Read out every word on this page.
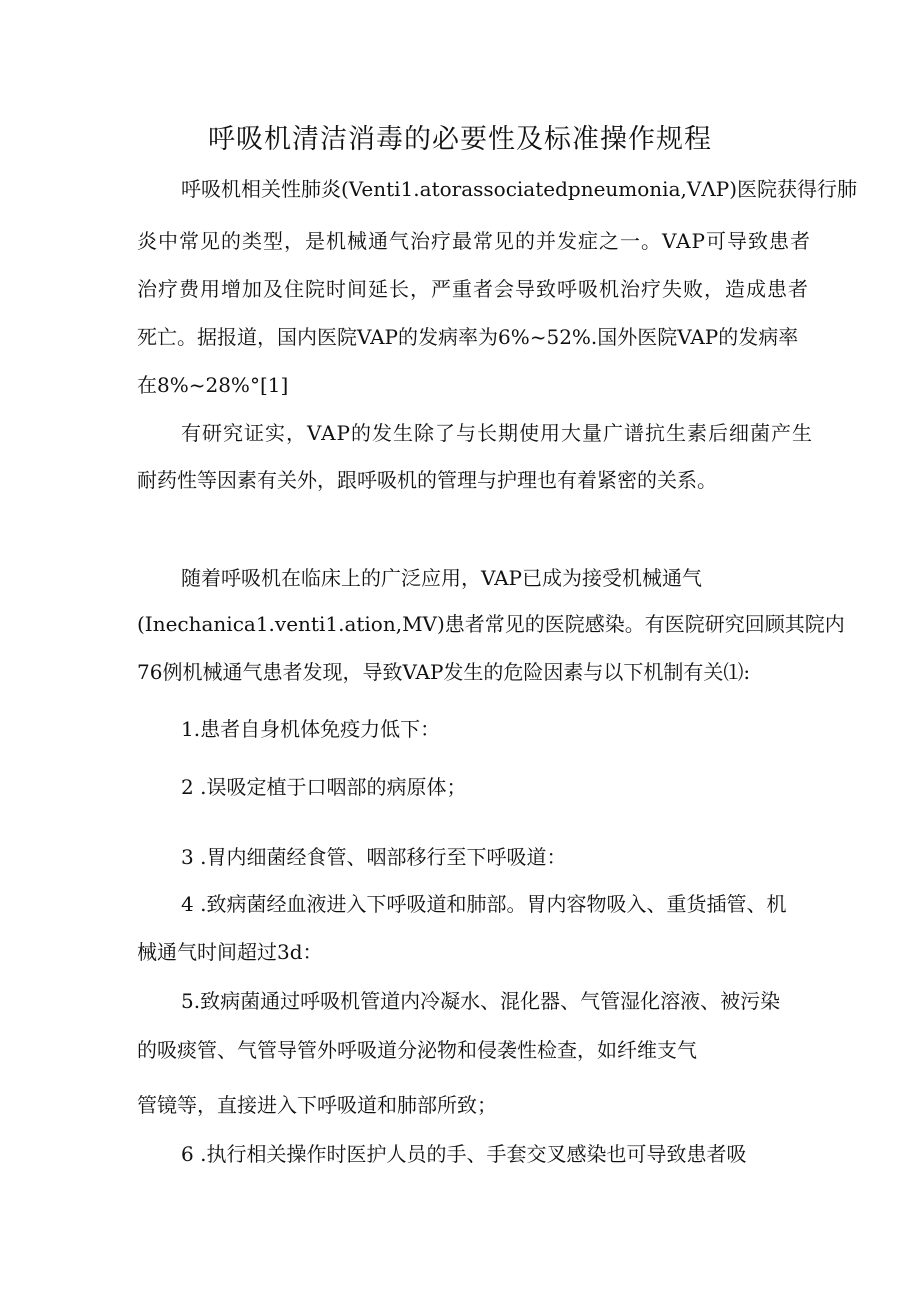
呼吸机清洁消毒的必要性及标准操作规程
呼吸机相关性肺炎(Venti1.atorassociatedpneumonia,VΛP)医院获得行肺
炎中常见的类型，是机械通气治疗最常见的并发症之一。VAP可导致患者
治疗费用增加及住院时间延长，严重者会导致呼吸机治疗失败，造成患者
死亡。据报道，国内医院VAP的发病率为6%~52%.国外医院VAP的发病率
在8%~28%°[1]
有研究证实，VAP的发生除了与长期使用大量广谱抗生素后细菌产生
耐药性等因素有关外，跟呼吸机的管理与护理也有着紧密的关系。
随着呼吸机在临床上的广泛应用，VAP已成为接受机械通气
(Inechanica1.venti1.ation,MV)患者常见的医院感染。有医院研究回顾其院内
76例机械通气患者发现，导致VAP发生的危险因素与以下机制有关⑴:
1.患者自身机体免疫力低下：
2 .误吸定植于口咽部的病原体；
3 .胃内细菌经食管、咽部移行至下呼吸道：
4 .致病菌经血液进入下呼吸道和肺部。胃内容物吸入、重货插管、机
械通气时间超过3d：
5.致病菌通过呼吸机管道内冷凝水、混化器、气管湿化溶液、被污染
的吸痰管、气管导管外呼吸道分泌物和侵袭性检查，如纤维支气
管镜等，直接进入下呼吸道和肺部所致；
6 .执行相关操作时医护人员的手、手套交叉感染也可导致患者吸
